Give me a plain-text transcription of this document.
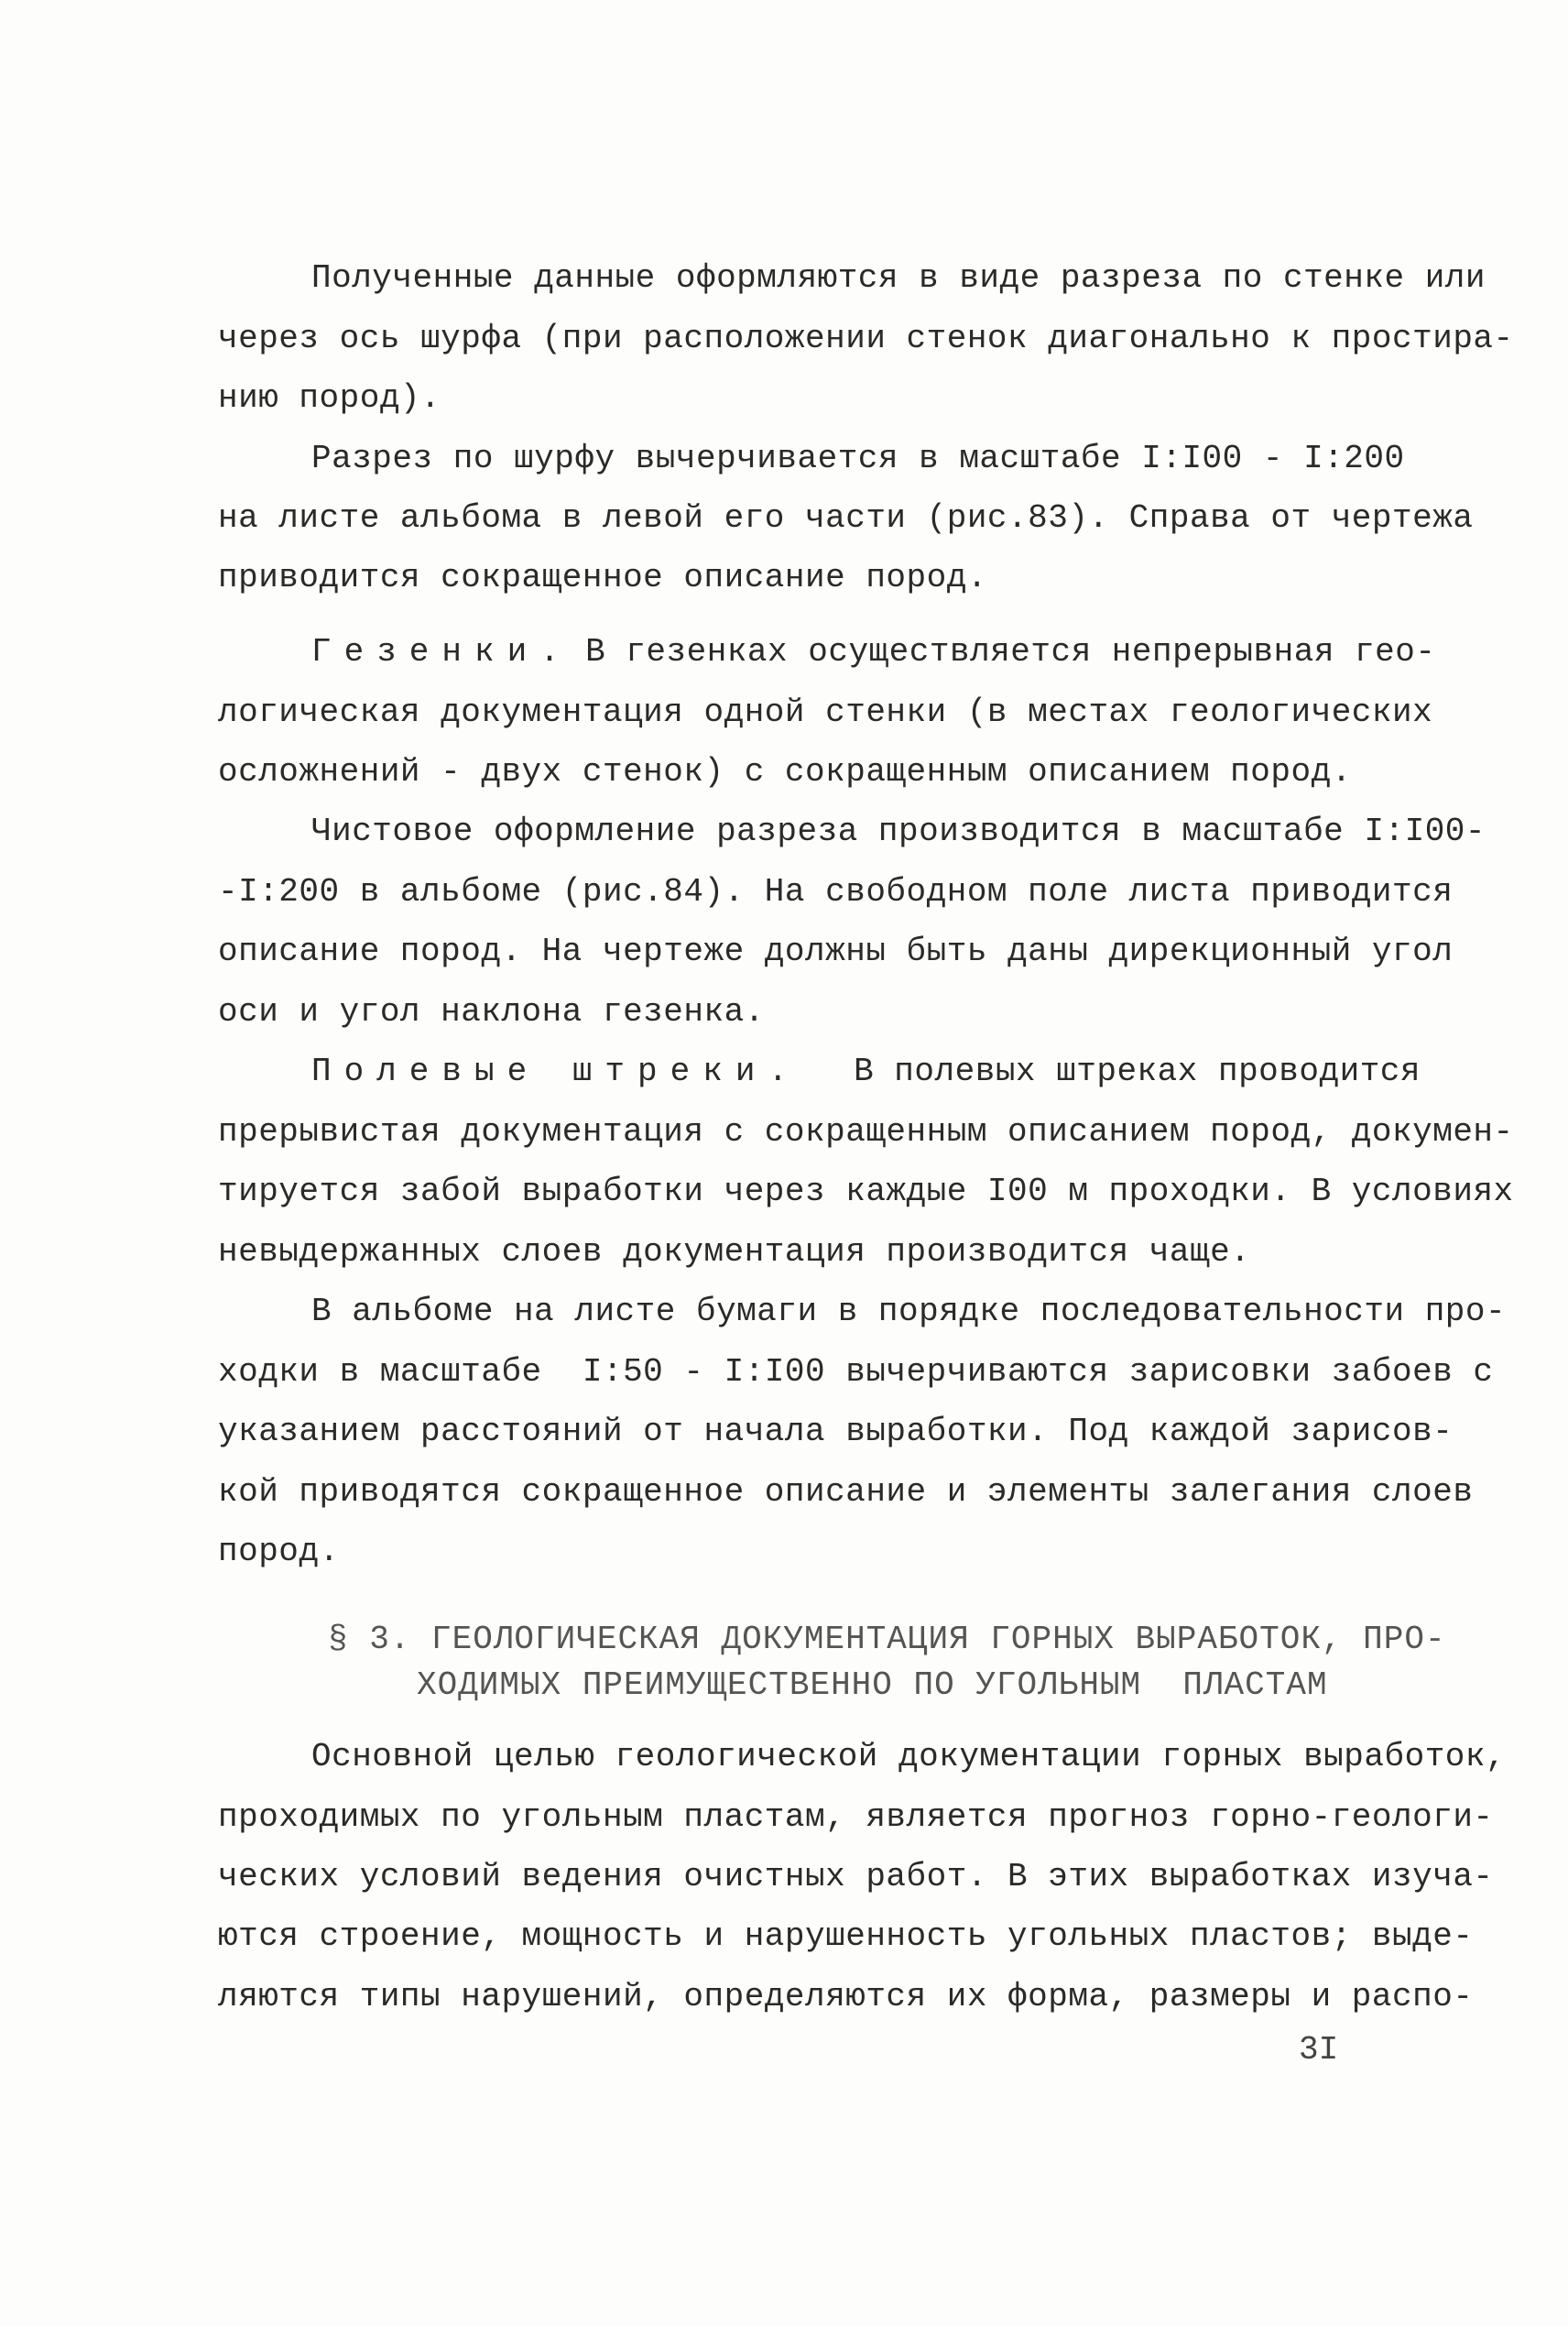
Полученные данные оформляются в виде разреза по стенке или
через ось шурфа (при расположении стенок диагонально к простира-
нию пород).
Разрез по шурфу вычерчивается в масштабе I:I00 - I:200
на листе альбома в левой его части (рис.83). Справа от чертежа
приводится сокращенное описание пород.
Гезенки.
В гезенках осуществляется непрерывная гео-
логическая документация одной стенки (в местах геологических
осложнений - двух стенок) с сокращенным описанием пород.
Чистовое оформление разреза производится в масштабе I:I00-
-I:200 в альбоме (рис.84). На свободном поле листа приводится
описание пород. На чертеже должны быть даны дирекционный угол
оси и угол наклона гезенка.
Полевые штреки. В полевых штреках проводится
прерывистая документация с сокращенным описанием пород, докумен-
тируется забой выработки через каждые I00 м проходки. В условиях
невыдержанных слоев документация производится чаще.
В альбоме на листе бумаги в порядке последовательности про-
ходки в масштабе  I:50 - I:I00 вычерчиваются зарисовки забоев с
указанием расстояний от начала выработки. Под каждой зарисов-
кой приводятся сокращенное описание и элементы залегания слоев
пород.
§ 3. ГЕОЛОГИЧЕСКАЯ ДОКУМЕНТАЦИЯ ГОРНЫХ ВЫРАБОТОК, ПРО-
ХОДИМЫХ ПРЕИМУЩЕСТВЕННО ПО УГОЛЬНЫМ  ПЛАСТАМ
Основной целью геологической документации горных выработок,
проходимых по угольным пластам, является прогноз горно-геологи-
ческих условий ведения очистных работ. В этих выработках изуча-
ются строение, мощность и нарушенность угольных пластов; выде-
ляются типы нарушений, определяются их форма, размеры и распо-
3I
